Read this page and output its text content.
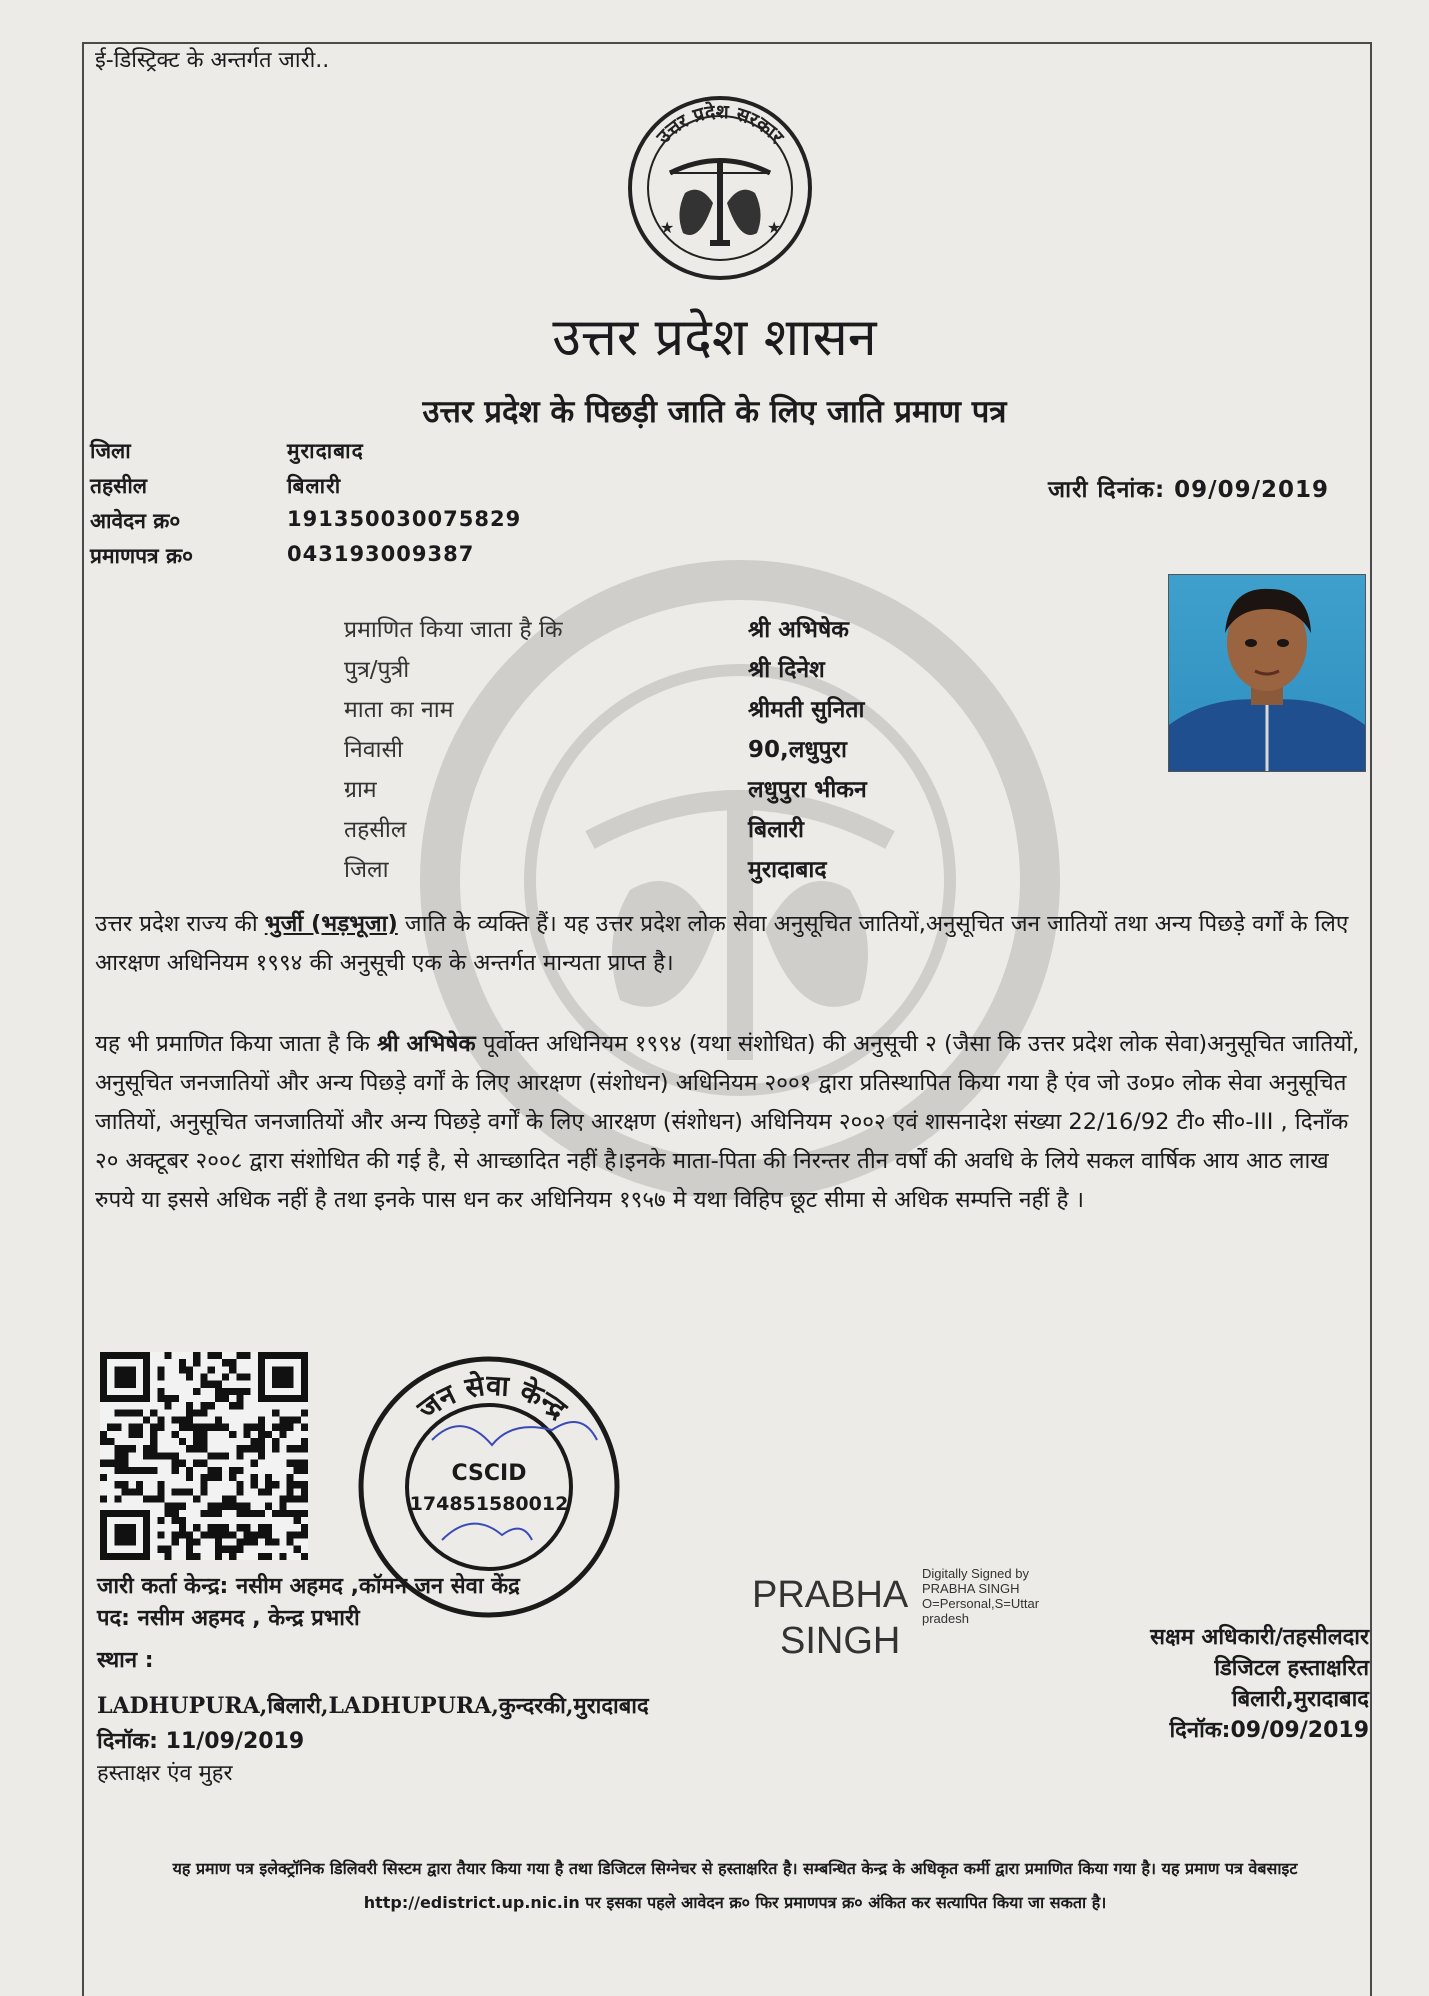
ई-डिस्ट्रिक्ट के अन्तर्गत जारी..
उत्तर प्रदेश सरकार
★	★
उत्तर प्रदेश शासन
उत्तर प्रदेश के पिछड़ी जाति के लिए जाति प्रमाण पत्र
जिला	मुरादाबाद
तहसील	बिलारी
आवेदन क्र०	191350030075829
प्रमाणपत्र क्र०	043193009387
जारी दिनांक: 09/09/2019
प्रमाणित किया जाता है कि	श्री अभिषेक
पुत्र/पुत्री	श्री दिनेश
माता का नाम	श्रीमती सुनिता
निवासी	90,लधुपुरा
ग्राम	लधुपुरा भीकन
तहसील	बिलारी
जिला	मुरादाबाद
उत्तर प्रदेश राज्य की भुर्जी (भड़भूजा) जाति के व्यक्ति हैं। यह उत्तर प्रदेश लोक सेवा अनुसूचित जातियों,अनुसूचित जन जातियों तथा अन्य पिछड़े वर्गों के लिए आरक्षण अधिनियम १९९४ की अनुसूची एक के अन्तर्गत मान्यता प्राप्त है।
यह भी प्रमाणित किया जाता है कि श्री अभिषेक पूर्वोक्त अधिनियम १९९४ (यथा संशोधित) की अनुसूची २ (जैसा कि उत्तर प्रदेश लोक सेवा)अनुसूचित जातियों, अनुसूचित जनजातियों और अन्य पिछड़े वर्गों के लिए आरक्षण (संशोधन) अधिनियम २००१ द्वारा प्रतिस्थापित किया गया है एंव जो उ०प्र० लोक सेवा अनुसूचित जातियों, अनुसूचित जनजातियों और अन्य पिछड़े वर्गों के लिए आरक्षण (संशोधन) अधिनियम २००२ एवं शासनादेश संख्या 22/16/92 टी० सी०-III , दिनाँक २० अक्टूबर २००८ द्वारा संशोधित की गई है, से आच्छादित नहीं है।इनके माता-पिता की निरन्तर तीन वर्षों की अवधि के लिये सकल वार्षिक आय आठ लाख रुपये या इससे अधिक नहीं है तथा इनके पास धन कर अधिनियम १९५७ मे यथा विहिप छूट सीमा से अधिक सम्पत्ति नहीं है ।
जन सेवा केन्द्र
CSCID
174851580012
जारी कर्ता केन्द्र: नसीम अहमद ,कॉमन जन सेवा केंद्र
पद: नसीम अहमद , केन्द्र प्रभारी
स्थान :
LADHUPURA,बिलारी,LADHUPURA,कुन्दरकी,मुरादाबाद
दिनॉक: 11/09/2019
हस्ताक्षर एंव मुहर
PRABHA
SINGH
Digitally Signed by
PRABHA SINGH
O=Personal,S=Uttar
pradesh
सक्षम अधिकारी/तहसीलदार
डिजिटल हस्ताक्षरित
बिलारी,मुरादाबाद
दिनॉक:09/09/2019
यह प्रमाण पत्र इलेक्ट्रॉनिक डिलिवरी सिस्टम द्वारा तैयार किया गया है तथा डिजिटल सिग्नेचर से हस्ताक्षरित है। सम्बन्धित केन्द्र के अधिकृत कर्मी द्वारा प्रमाणित किया गया है। यह प्रमाण पत्र वेबसाइट http://edistrict.up.nic.in पर इसका पहले आवेदन क्र० फिर प्रमाणपत्र क्र० अंकित कर सत्यापित किया जा सकता है।
